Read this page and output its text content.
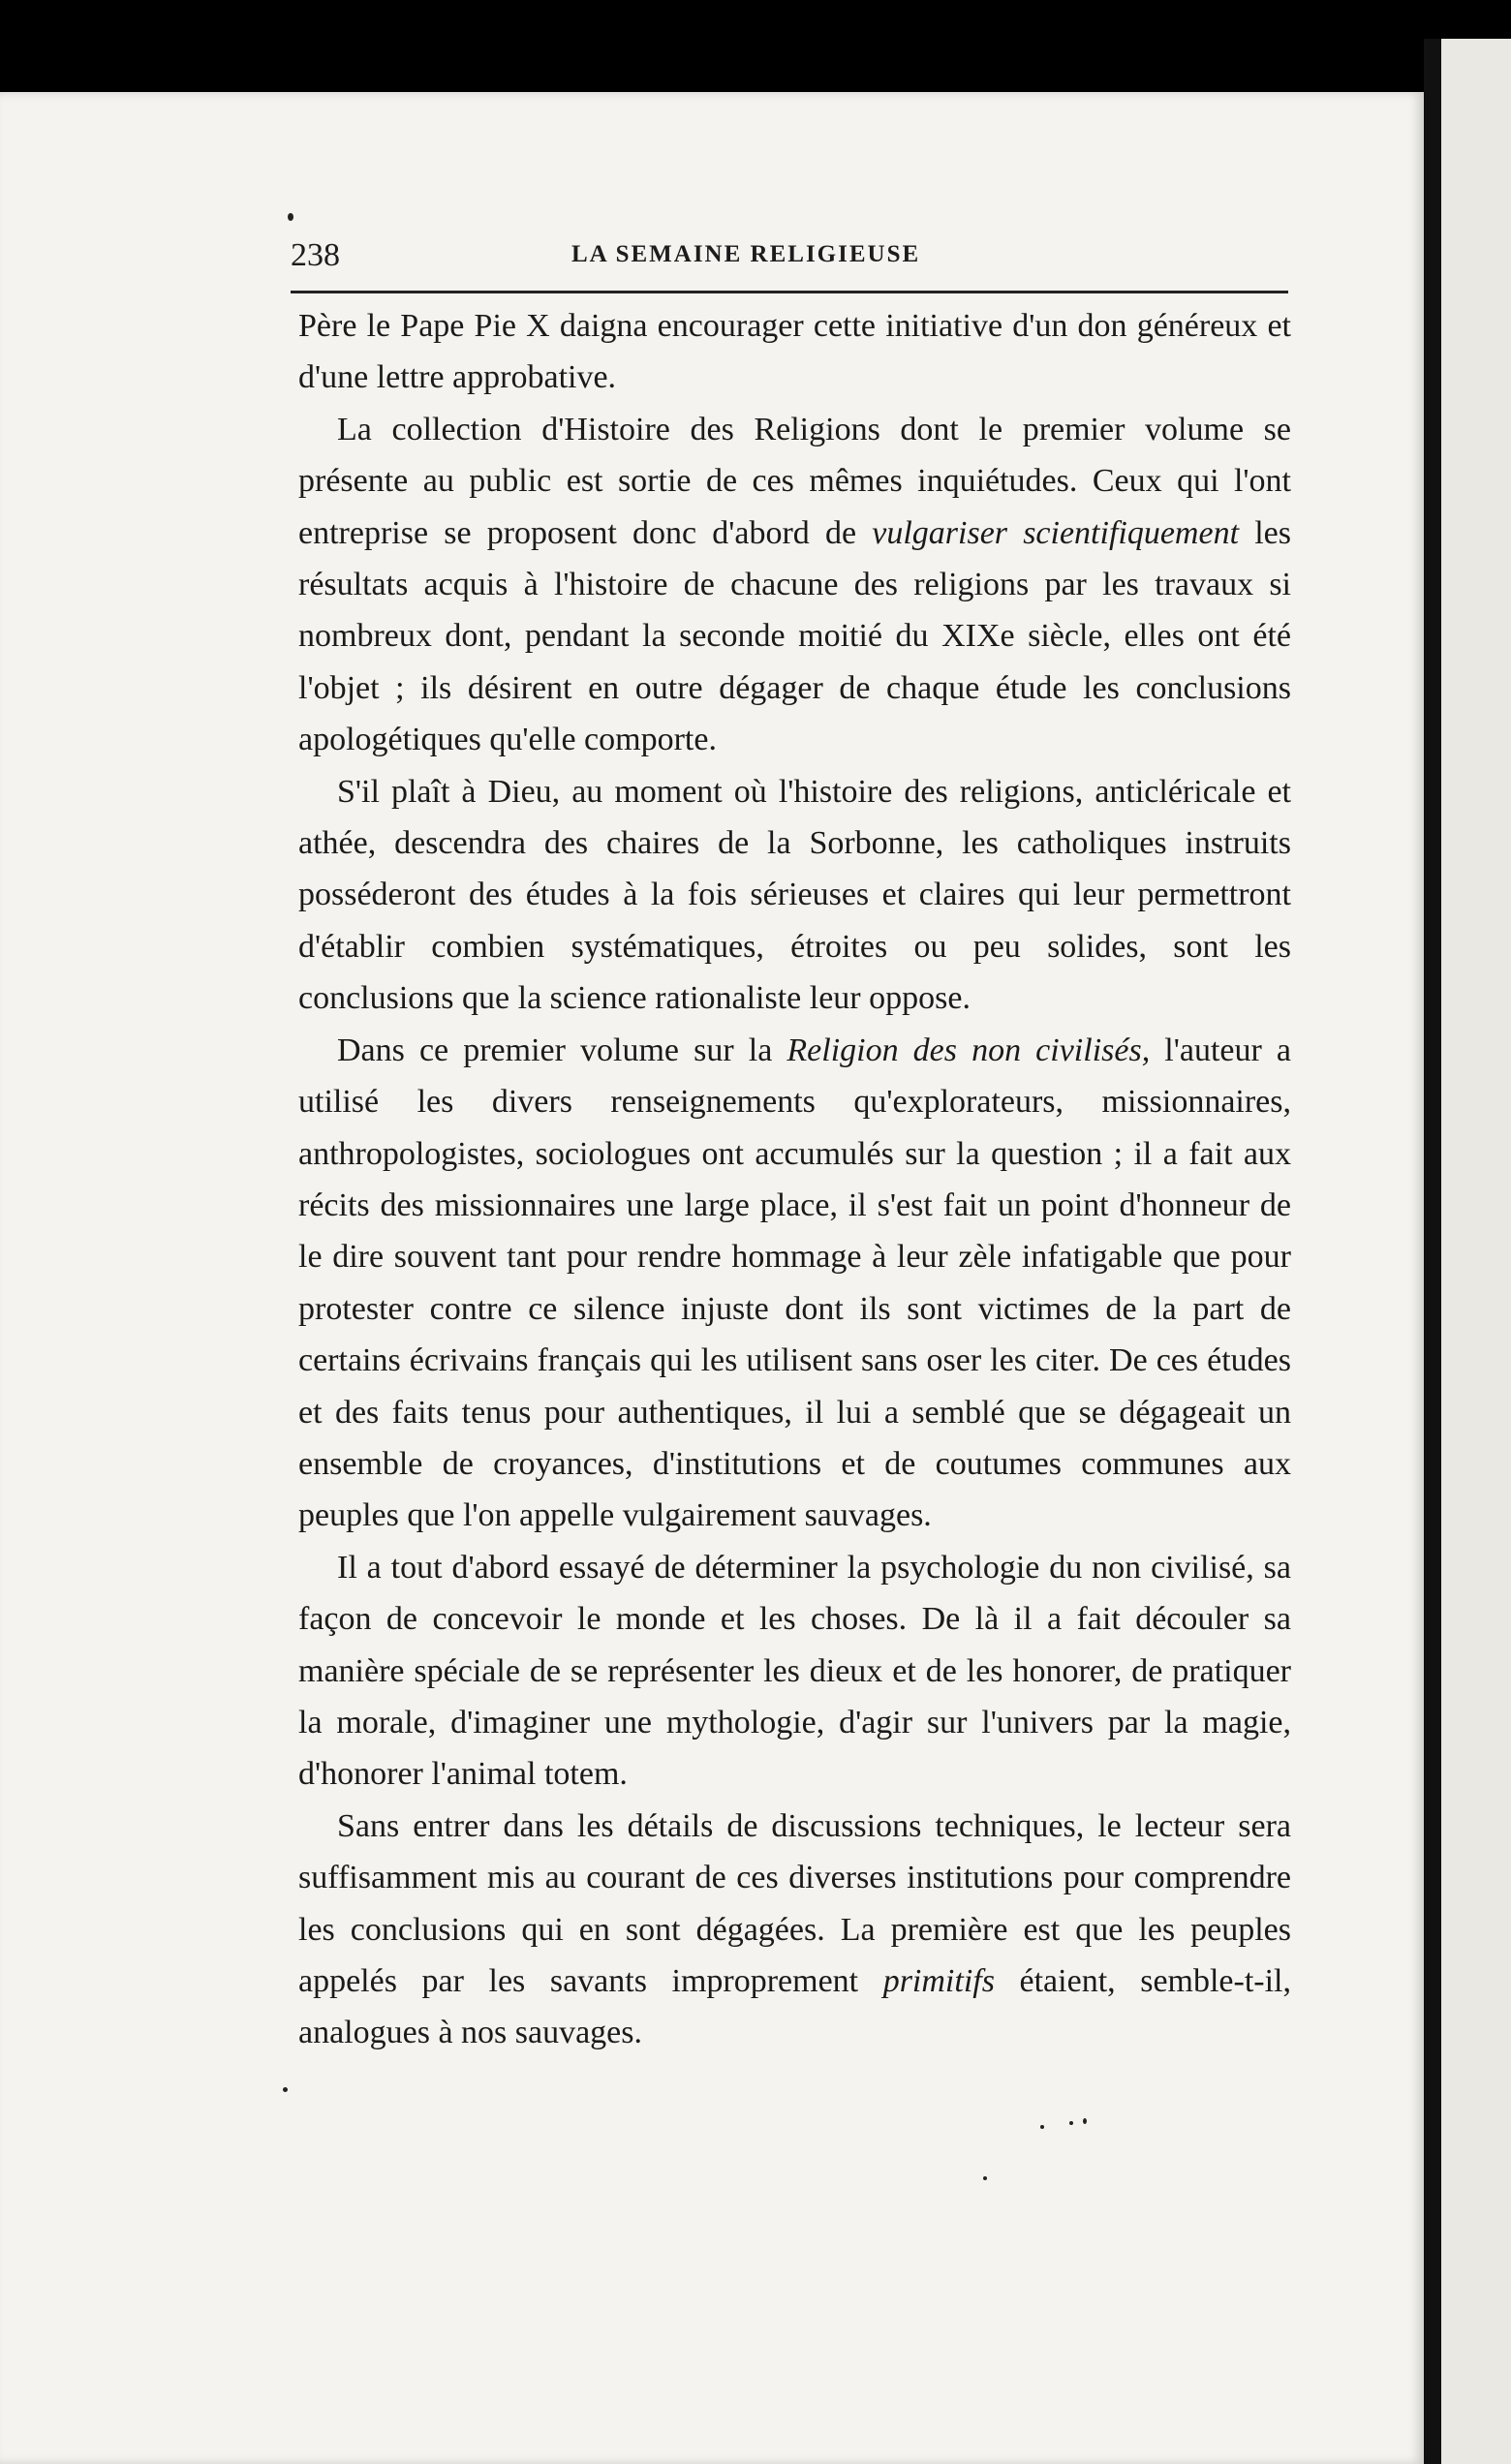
238	LA SEMAINE RELIGIEUSE

Père le Pape Pie X daigna encourager cette initiative d'un don généreux et d'une lettre approbative.

La collection d'Histoire des Religions dont le premier volume se présente au public est sortie de ces mêmes inquiétudes. Ceux qui l'ont entreprise se proposent donc d'abord de vulgariser scientifiquement les résultats acquis à l'histoire de chacune des religions par les travaux si nombreux dont, pendant la seconde moitié du XIXe siècle, elles ont été l'objet ; ils désirent en outre dégager de chaque étude les conclusions apologétiques qu'elle comporte.

S'il plaît à Dieu, au moment où l'histoire des religions, anticléricale et athée, descendra des chaires de la Sorbonne, les catholiques instruits posséderont des études à la fois sérieuses et claires qui leur permettront d'établir combien systématiques, étroites ou peu solides, sont les conclusions que la science rationaliste leur oppose.

Dans ce premier volume sur la Religion des non civilisés, l'auteur a utilisé les divers renseignements qu'explorateurs, missionnaires, anthropologistes, sociologues ont accumulés sur la question ; il a fait aux récits des missionnaires une large place, il s'est fait un point d'honneur de le dire souvent tant pour rendre hommage à leur zèle infatigable que pour protester contre ce silence injuste dont ils sont victimes de la part de certains écrivains français qui les utilisent sans oser les citer. De ces études et des faits tenus pour authentiques, il lui a semblé que se dégageait un ensemble de croyances, d'institutions et de coutumes communes aux peuples que l'on appelle vulgairement sauvages.

Il a tout d'abord essayé de déterminer la psychologie du non civilisé, sa façon de concevoir le monde et les choses. De là il a fait découler sa manière spéciale de se représenter les dieux et de les honorer, de pratiquer la morale, d'imaginer une mythologie, d'agir sur l'univers par la magie, d'honorer l'animal totem.

Sans entrer dans les détails de discussions techniques, le lecteur sera suffisamment mis au courant de ces diverses institutions pour comprendre les conclusions qui en sont dégagées. La première est que les peuples appelés par les savants improprement primitifs étaient, semble-t-il, analogues à nos sauvages.
